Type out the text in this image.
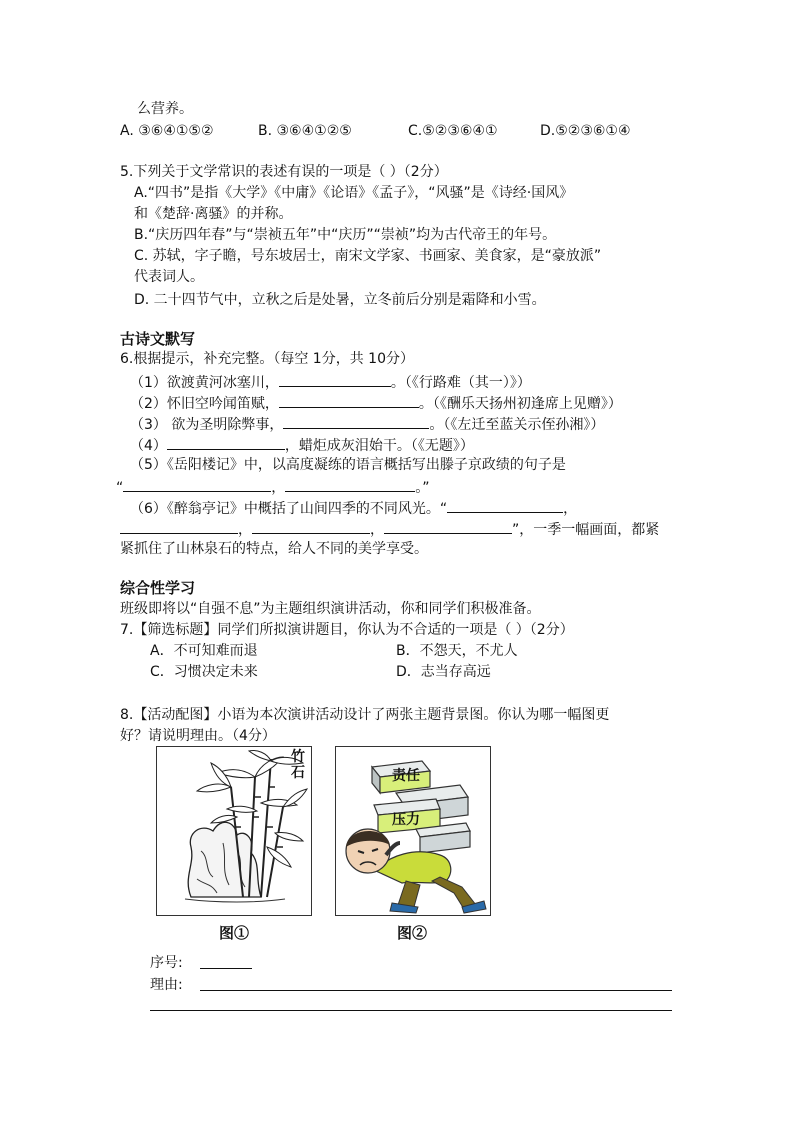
么营养。
A. ③⑥④①⑤②	B. ③⑥④①②⑤	C.⑤②③⑥④①	D.⑤②③⑥①④
5.下列关于文学常识的表述有误的一项是（ ）（2分）
A.“四书”是指《大学》《中庸》《论语》《孟子》，“风骚”是《诗经·国风》
和《楚辞·离骚》的并称。
B.“庆历四年春”与“崇祯五年”中“庆历”“崇祯”均为古代帝王的年号。
C. 苏轼，字子瞻，号东坡居士，南宋文学家、书画家、美食家，是“豪放派”
代表词人。
D. 二十四节气中，立秋之后是处暑，立冬前后分别是霜降和小雪。
古诗文默写
6.根据提示，补充完整。（每空 1分，共 10分）
（1）欲渡黄河冰塞川，	。（《行路难（其一）》）
（2）怀旧空吟闻笛赋，	。（《酬乐天扬州初逢席上见赠》）
（3） 欲为圣明除弊事，	。（《左迁至蓝关示侄孙湘》）
（4）	，蜡炬成灰泪始干。（《无题》）
（5）《岳阳楼记》中，以高度凝练的语言概括写出滕子京政绩的句子是
“	，	。”
（6）《醉翁亭记》中概括了山间四季的不同风光。“	，
，	，	”，一季一幅画面，都紧
紧抓住了山林泉石的特点，给人不同的美学享受。
综合性学习
班级即将以“自强不息”为主题组织演讲活动，你和同学们积极准备。
7.【筛选标题】同学们所拟演讲题目，你认为不合适的一项是（ ）（2分）
A．不可知难而退	B．不怨天，不尤人
C．习惯决定未来	D．志当存高远
8.【活动配图】小语为本次演讲活动设计了两张主题背景图。你认为哪一幅图更
好？请说明理由。（4分）
竹石
图①
责任
压力
图②
序号:
理由:
